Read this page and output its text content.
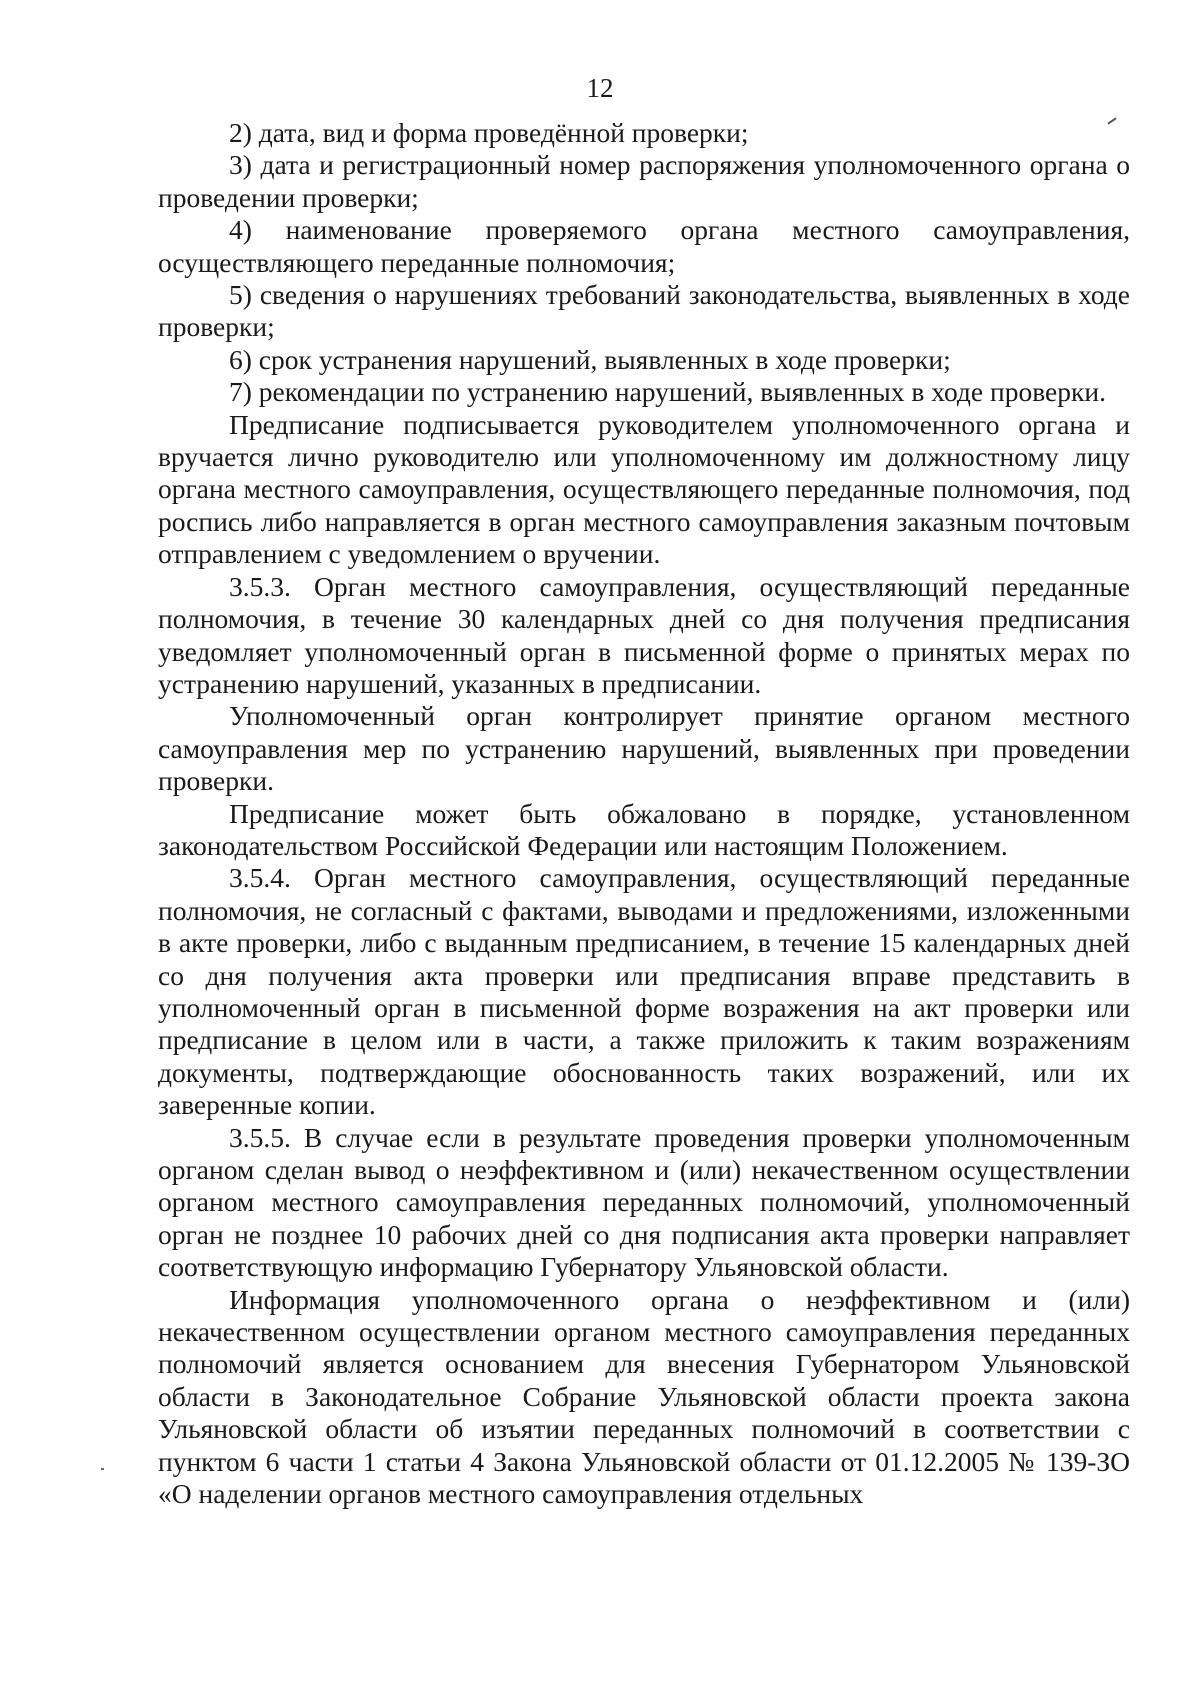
12

2) дата, вид и форма проведённой проверки;

3) дата и регистрационный номер распоряжения уполномоченного органа о проведении проверки;

4) наименование проверяемого органа местного самоуправления, осуществляющего переданные полномочия;

5) сведения о нарушениях требований законодательства, выявленных в ходе проверки;

6) срок устранения нарушений, выявленных в ходе проверки;

7) рекомендации по устранению нарушений, выявленных в ходе проверки.

Предписание подписывается руководителем уполномоченного органа и вручается лично руководителю или уполномоченному им должностному лицу органа местного самоуправления, осуществляющего переданные полномочия, под роспись либо направляется в орган местного самоуправления заказным почтовым отправлением с уведомлением о вручении.

3.5.3. Орган местного самоуправления, осуществляющий переданные полномочия, в течение 30 календарных дней со дня получения предписания уведомляет уполномоченный орган в письменной форме о принятых мерах по устранению нарушений, указанных в предписании.

Уполномоченный орган контролирует принятие органом местного самоуправления мер по устранению нарушений, выявленных при проведении проверки.

Предписание может быть обжаловано в порядке, установленном законодательством Российской Федерации или настоящим Положением.

3.5.4. Орган местного самоуправления, осуществляющий переданные полномочия, не согласный с фактами, выводами и предложениями, изложенными в акте проверки, либо с выданным предписанием, в течение 15 календарных дней со дня получения акта проверки или предписания вправе представить в уполномоченный орган в письменной форме возражения на акт проверки или предписание в целом или в части, а также приложить к таким возражениям документы, подтверждающие обоснованность таких возражений, или их заверенные копии.

3.5.5. В случае если в результате проведения проверки уполномоченным органом сделан вывод о неэффективном и (или) некачественном осуществлении органом местного самоуправления переданных полномочий, уполномоченный орган не позднее 10 рабочих дней со дня подписания акта проверки направляет соответствующую информацию Губернатору Ульяновской области.

Информация уполномоченного органа о неэффективном и (или) некачественном осуществлении органом местного самоуправления переданных полномочий является основанием для внесения Губернатором Ульяновской области в Законодательное Собрание Ульяновской области проекта закона Ульяновской области об изъятии переданных полномочий в соответствии с пунктом 6 части 1 статьи 4 Закона Ульяновской области от 01.12.2005 № 139-ЗО «О наделении органов местного самоуправления отдельных
